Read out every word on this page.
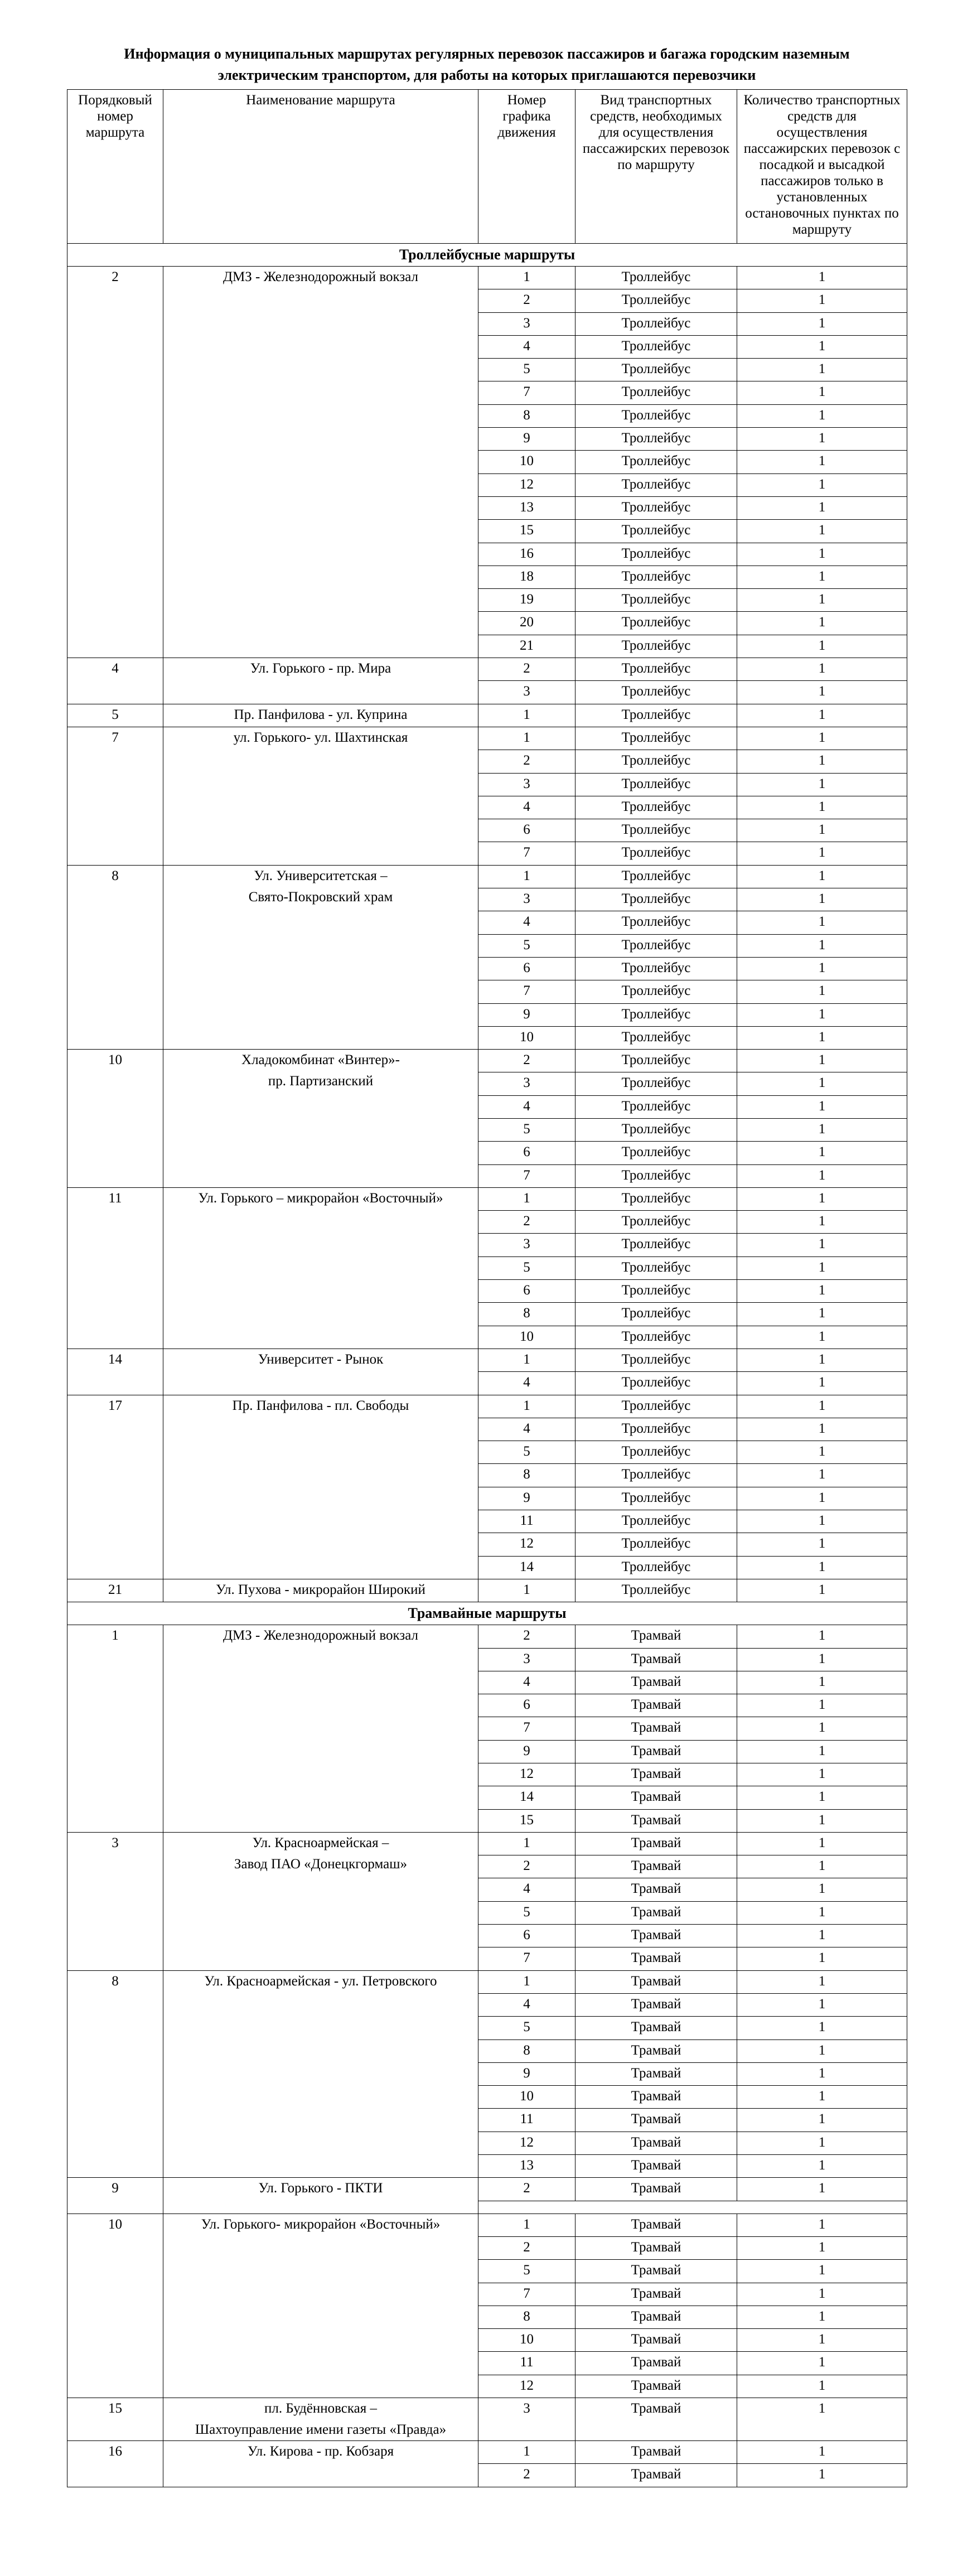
Информация о муниципальных маршрутах регулярных перевозок пассажиров и багажа городским наземным
электрическим транспортом, для работы на которых приглашаются перевозчики
Порядковый номер маршрута	Наименование маршрута	Номер графика движения	Вид транспортных средств, необходимых для осуществления пассажирских перевозок по маршруту	Количество транспортных средств для осуществления пассажирских перевозок с посадкой и высадкой пассажиров только в установленных остановочных пунктах по маршруту
Троллейбусные маршруты				
2	ДМЗ - Железнодорожный вокзал	1	Троллейбус	1
		2	Троллейбус	1
		3	Троллейбус	1
		4	Троллейбус	1
		5	Троллейбус	1
		7	Троллейбус	1
		8	Троллейбус	1
		9	Троллейбус	1
		10	Троллейбус	1
		12	Троллейбус	1
		13	Троллейбус	1
		15	Троллейбус	1
		16	Троллейбус	1
		18	Троллейбус	1
		19	Троллейбус	1
		20	Троллейбус	1
		21	Троллейбус	1
4	Ул. Горького - пр. Мира	2	Троллейбус	1
		3	Троллейбус	1
5	Пр. Панфилова - ул. Куприна	1	Троллейбус	1
7	ул. Горького- ул. Шахтинская	1	Троллейбус	1
		2	Троллейбус	1
		3	Троллейбус	1
		4	Троллейбус	1
		6	Троллейбус	1
		7	Троллейбус	1
8	Ул. Университетская –
Свято-Покровский храм	1	Троллейбус	1
		3	Троллейбус	1
		4	Троллейбус	1
		5	Троллейбус	1
		6	Троллейбус	1
		7	Троллейбус	1
		9	Троллейбус	1
		10	Троллейбус	1
10	Хладокомбинат «Винтер»-
пр. Партизанский	2	Троллейбус	1
		3	Троллейбус	1
		4	Троллейбус	1
		5	Троллейбус	1
		6	Троллейбус	1
		7	Троллейбус	1
11	Ул. Горького – микрорайон «Восточный»	1	Троллейбус	1
		2	Троллейбус	1
		3	Троллейбус	1
		5	Троллейбус	1
		6	Троллейбус	1
		8	Троллейбус	1
		10	Троллейбус	1
14	Университет - Рынок	1	Троллейбус	1
		4	Троллейбус	1
17	Пр. Панфилова - пл. Свободы	1	Троллейбус	1
		4	Троллейбус	1
		5	Троллейбус	1
		8	Троллейбус	1
		9	Троллейбус	1
		11	Троллейбус	1
		12	Троллейбус	1
		14	Троллейбус	1
21	Ул. Пухова - микрорайон Широкий	1	Троллейбус	1
Трамвайные маршруты				
1	ДМЗ - Железнодорожный вокзал	2	Трамвай	1
		3	Трамвай	1
		4	Трамвай	1
		6	Трамвай	1
		7	Трамвай	1
		9	Трамвай	1
		12	Трамвай	1
		14	Трамвай	1
		15	Трамвай	1
3	Ул. Красноармейская –
Завод ПАО «Донецкгормаш»	1	Трамвай	1
		2	Трамвай	1
		4	Трамвай	1
		5	Трамвай	1
		6	Трамвай	1
		7	Трамвай	1
8	Ул. Красноармейская - ул. Петровского	1	Трамвай	1
		4	Трамвай	1
		5	Трамвай	1
		8	Трамвай	1
		9	Трамвай	1
		10	Трамвай	1
		11	Трамвай	1
		12	Трамвай	1
		13	Трамвай	1
9	Ул. Горького - ПКТИ	2	Трамвай	1

10	Ул. Горького- микрорайон «Восточный»	1	Трамвай	1
		2	Трамвай	1
		5	Трамвай	1
		7	Трамвай	1
		8	Трамвай	1
		10	Трамвай	1
		11	Трамвай	1
		12	Трамвай	1
15	пл. Будённовская –
Шахтоуправление имени газеты «Правда»	3	Трамвай	1
16	Ул. Кирова - пр. Кобзаря	1	Трамвай	1
		2	Трамвай	1
